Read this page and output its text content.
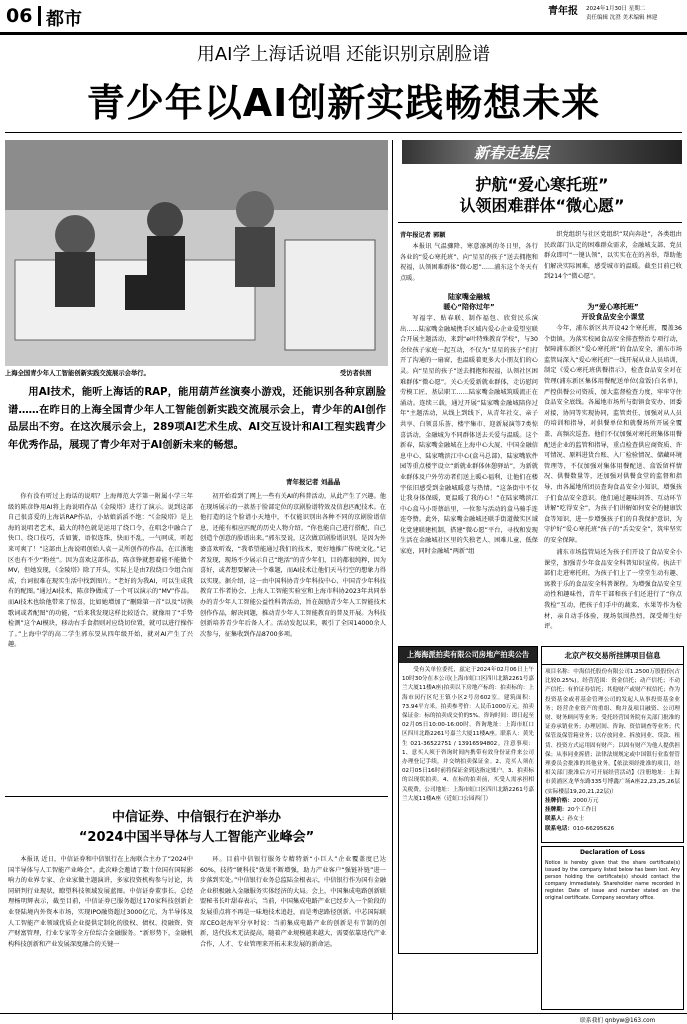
06 都市	青年报 2024年1月30日 星期二
责任编辑 沈澄 美术编辑 林建
用AI学上海话说唱 还能识别京剧脸谱
青少年以AI创新实践畅想未来
上海全国青少年人工智能创新实践交流展示会举行。	受访者供图

用AI技术，能听上海话的RAP，能用葫芦丝演奏小游戏，还能识别各种京剧脸谱……在昨日的上海全国青少年人工智能创新实践交流展示会上，青少年的AI创作品层出不穷。在这次展示会上，289项AI艺术生成、AI交互设计和AI工程实践青少年优秀作品，展现了青少年对于AI创新未来的畅想。

青年报记者 刘晶晶

你有没有听过上海话的说唱？上海师范大学第一附属小学三年级的陈彦铮用AI将上海说唱作品《金陵塔》进行了演示。说到这部自己很喜爱的上海话RAP作品，小姑娘滔滔不绝：“《金陵塔》是上海的说唱老艺术，最大的特色就是运用了绕口令，在唱念中融合了快口、绕口技巧，舌如簧，语似连珠，快而不乱，一气呵成，听起来可爽了！”这部由上海说唱创始人袁一灵所创作的作品，在江浙地区也有不少“粉丝”。因为喜欢这部作品，陈彦铮就想着能不能做个MV，但她发现，《金陵塔》除了开头，实际上是由7段绕口令组合而成，台词很难在现实生活中找到图片。“老好的为我AI，可以生成我有的配图。”通过AI技术，陈彦铮做成了一个可以演示的“MV”作品。而AI技术也给他带来了惊喜，比如她增加了“删除第一首”以及“切换歌词或者配图”的功能，“后来我发现这样比较适合，就像用了“手势检测”这个AI模块，移动右手食指则对应绕切位置，就可以进行操作了。”上海中学的高二学生郭东旻从四年级开始，就对AI产生了兴趣。

初开始看到了网上一些有关AI的科普活动，从此产生了兴趣。他在现场展示的一款基于脸部定位的京剧脸谱特效及信息匹配技术。在他打造的这个脸谱小天地中，不仅能识别出各种不同的京剧脸谱信息，还能有相应匹配的历史人物介绍。“你也能自己进行搭配，自己创造个创意的脸谱出来。”郭东旻说，这次做京剧脸谱识别，是因为外婆喜欢听戏，“我希望能通过我们的技术，更好地推广传统文化。”记者发现，现场不少展示自己“绝活”的青少年们，目的都很纯粹，因为喜好，或者想要解决一个难题，而AI技术让他们天马行空的想象力得以实现。据介绍，这一由中国科协青少年科技中心、中国青少年科技教育工作者协会、上海人工智能实验室和上海市科协2023年共同举办的青少年人工智能公益性科普活动，旨在鼓励青少年人工智能技术创作作品，解决问题，推动青少年人工智能教育的普及开展。为科技创新培养青少年后备人才。活动发起以来，吸引了全国14000余人次参与，征集收到作品8700多项。

中信证券、中信银行在沪举办
“2024中国半导体与人工智能产业峰会”

本报讯 近日，中信证券和中信银行在上海联合主办了“2024中国半导体与人工智能产业峰会”。此次峰会邀请了数十位国有国际影响力的业界专家、企业家做主题演讲，多家投资机构参与讨论，共同研判行业现状，瞭望科技领域发展蓝图。中信证券董事长、总经理杨明辉表示，截至目前，中信证券已服务超过170家科技创新企业登陆境内外资本市场，实现IPO融资超过3000亿元，为半导体及人工智能产业领域优质企业提供定制化的股权、债权、投融资、资产财富管理，行业专家等全方位综合金融服务。“新形势下，金融机构科技创新和产业发展深度融合的关键一

环。目前中信银行服务专精特新“小巨人”企业覆盖度已达60%，技持“硬科技”效果不断增强，助力产业客户“强链补链”进一步落到实处。”中信银行业务总监陆金根表示，中信银行作为国有金融企业积极融入金融服务实体经济的大局。会上，中国集成电路创新联盟秘书长叶甜春表示，当前，中国集成电路产业已经步入一个阶段的发展重点将不再是一味地技术追赶，而是考虑路径创新。中芯国际联席CEO赵海军分享时说：当前集成电路产业的创新是有节制的创新，迭代技术无法提高，随着产业规模越来越大，需要依靠迭代产业合作，人才、专业管理来开拓未来发展的新命运。

新春走基层
护航“爱心寒托班”
认领困难群体“微心愿”
青年报记者 郭颖

本报讯 气温骤降、寒意凛冽的冬日里，各行各业的“爱心寒托班”、向“星星的孩子”送去拥抱和祝福，认领困难群体“微心愿”……浦东这个冬天有点暖。

陆家嘴金融城
暖心“陪你过年”

写福字、贴春联、制作福包、欣赏民乐演出……陆家嘴金融城携手区域内爱心企业爱望室联合开展主题活动，来到“e叶特殊教育学校”，与30余位孩子家庭一起互动，不仅为“星星的孩子”们打开了沟通的一扇窗，也温暖着更多大小朋友们的心灵。向“星星的孩子”送去拥抱和祝福，认领社区困难群体“微心愿”。关心关爱新就业群体，走访慰问劳模工匠、基层职工……陆家嘴金融城筑暖流正在涌动。连续三载，通过开展“陆家嘴金融城陪你过年”主题活动，从线上到线下，从青年社交、亲子共享、白领喜乐荟、楼宇集市、迎新展演等7类惊喜活动，金融城为不同群体送去关爱与温暖。这个新春，陆家嘴金融城在上海中心大厦、中国金融信息中心、陆家嘴滨江中心(盒马总部)、陆家嘴软件园等重点楼宇设立“新就业群体休憩驿站”，为新就业群体及户外劳动者们送上暖心福利，让他们在楼宇依旧感受到金融城暖意与热情。“这条街中不仅让我身体保暖，更温暖了我的心！”在陆家嘴滨江中心盒马小哥蔡站里，一位参与活动的盒马骑手连连夸赞。此外，陆家嘴金融城还联手街道做实区域化党建联建机制，搭建“微心愿”平台，寻找和发现生活在金融城社区里的失独老人、困难儿童、低保家庭，同时金融城“两新”组

织党组织与社区党组织“双向奔赴”，各类组由民政部门认定的困难群众需求，金融城支部、党员群众即可“一键认领”，以实实在在的善举，帮助他们解决实际困难，感受城市的温暖。截至目前已收到214个“微心愿”。

为“爱心寒托班”
开设食品安全小课堂

今年，浦东新区共开设42个寒托班，覆盖36个街镇。为落实校园食品安全排查整治专项行动，保障浦东新区“爱心寒托班”的食品安全，浦东市场监管局深入“爱心寒托班”一线开展从业人员培训，制定《爱心寒托班供餐指示》，检查食品安全对在管理(浦东新区集体用餐配送单位(盒饭)白名单)，严控供餐公司资质，加大监督检查力度，牢牢守住食品安全底线。各属地市场所与街镇食安办、团委对接，协同等实现协同，监管责任，加强对从人员的培训和指导，对供餐单位和就餐场所开展全覆盖、高频次巡查。他们不仅加强对寒托班集体用餐配送企业的监管和指导，重点检查供应商资质、许可情况、原料进货台账、入厂检验情况、储藏环境管理等，不仅加强对集体用餐配送、盒饭留样情况、供餐数量等，还加强对供餐食堂的监督和指导，由各属地所团员查询食品安全小知识，增强孩子们食品安全意识。他们通过趣味问答、互动环节讲解“吃得安全”，为孩子们讲解如何安全的健康饮食等知识，进一步增强孩子们的自我保护意识，为守护好“爱心寒托班”孩子的“舌尖安全”，筑牢坚实的安全保障。

浦东市场监管局还为孩子们开设了食品安全小课堂，加强青少年食品安全科普知识宣传。执法干部们走进寒托班，为孩子们上了一堂堂生动有趣、寓教于乐的食品安全科普课程。为增强食品安全互动性和趣味性，青年干部和孩子们还进行了“你点我检”互动，把孩子们手中的蔬菜、水果等作为检材，亲自动手体验，现场氛围热烈，深受师生好评。

上海海派拍卖有限公司房地产拍卖公告

受有关单位委托，兹定于2024年02月06日上午10时30分在本公司(上海市虹口区四川北路2261号嘉兰大厦11楼A座)拍卖以下房地产标的：拍卖标的：上海市闵行区纪王镇小区2号房602室。建筑面积：73.94平方米。拍卖参考价：人民币1000万元。拍卖保证金：标的拍卖成交价的5%。咨询时间：即日起至02月05日10:00-16:00时。咨询地址：上海市虹口区四川北路2261号嘉兰大厦11楼A座。联系人：黄先生 021-36522751 / 13916594802。注意事项：1、意买人须于咨询时间内携带有效身份证件来公司办理登记手续，并交纳拍卖保证金。2、竞买人须在02月05日16时前将保证金到达指定账户。3、拍卖标的以现状拍卖。4、在标的拍卖前，买受人需承担相关税费。公司地址：上海市虹口区四川北路2261号嘉兰大厦11楼A座（近虹口公园西门）

北京产权交易所挂牌项目信息

项目名称：中海信托股份有限公司1.2500万股股份(占比较0.25%)。经营范围：资金信托；动产信托；不动产信托；有价证券信托；其他财产或财产权信托；作为投资基金或者基金管理公司的发起人从事投资基金业务；经营企业资产的重组、购并及项目融资、公司理财、财务顾问等业务；受托经营国务院有关部门批准的证券承销业务；办理居间、咨询、资信调查等业务；代保管及保管箱业务；以存放同业、拆放同业、贷款、租赁、投资方式运用固有财产；以固有财产为他人提供担保；从事同业拆借；法律法规规定或中国银行业监督管理委员会批准的其他业务。【依法须经批准的项目，经相关部门批准后方可开展经营活动】（注册地址：上海市黄浦区龙华东路335号博鑫广场A座22,23,25,26层(实际楼层19,20,21,22层)）

挂牌价格：2000万元
挂牌期：20个工作日
联系人：孙女士
联系电话：010-66295626
Declaration of Loss

Notice is hereby given that the share certificate(s) issued by the company listed below has been lost. Any person holding the certificate(s) should contact the company immediately. Shareholder name recorded in register. Date of issue and number stated on the original certificate. Company secretary office.

联系我们 qnbyw@163.com
